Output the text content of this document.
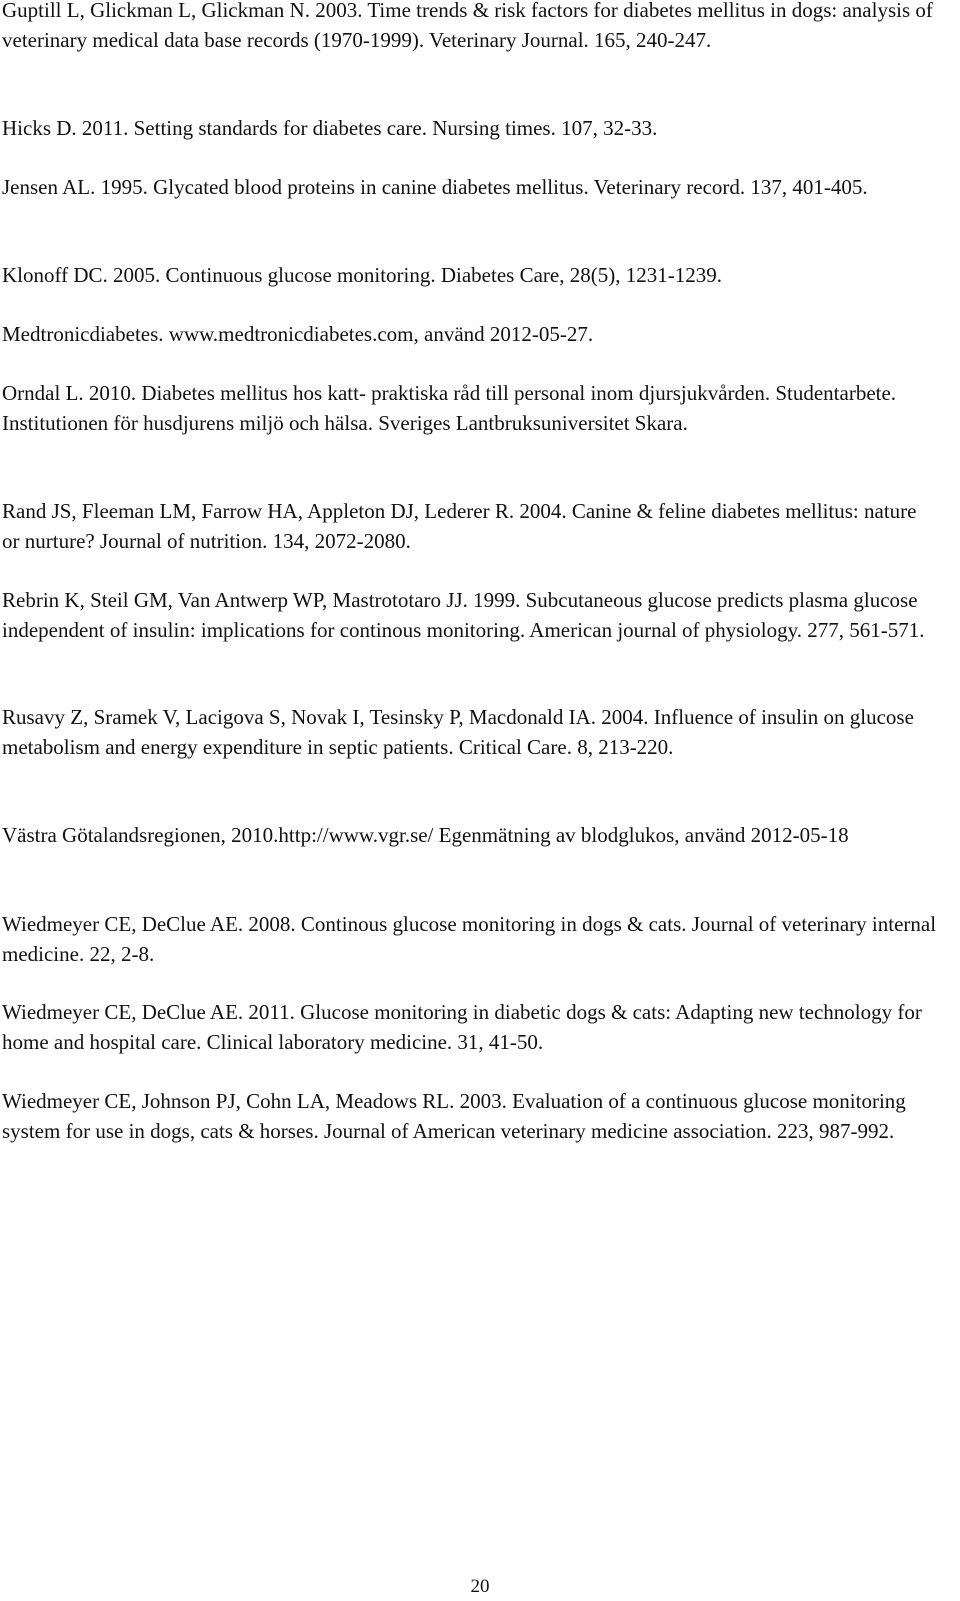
Guptill L, Glickman L, Glickman N. 2003. Time trends & risk factors for diabetes mellitus in dogs: analysis of veterinary medical data base records (1970-1999). Veterinary Journal. 165, 240-247.

Hicks D. 2011. Setting standards for diabetes care. Nursing times. 107, 32-33.

Jensen AL. 1995. Glycated blood proteins in canine diabetes mellitus. Veterinary record. 137, 401-405.

Klonoff DC. 2005. Continuous glucose monitoring. Diabetes Care, 28(5), 1231-1239.

Medtronicdiabetes. www.medtronicdiabetes.com, använd 2012-05-27.

Orndal L. 2010. Diabetes mellitus hos katt- praktiska råd till personal inom djursjukvården. Studentarbete. Institutionen för husdjurens miljö och hälsa. Sveriges Lantbruksuniversitet Skara.

Rand JS, Fleeman LM, Farrow HA, Appleton DJ, Lederer R. 2004. Canine & feline diabetes mellitus: nature or nurture? Journal of nutrition. 134, 2072-2080.

Rebrin K, Steil GM, Van Antwerp WP, Mastrototaro JJ. 1999. Subcutaneous glucose predicts plasma glucose independent of insulin: implications for continous monitoring. American journal of physiology. 277, 561-571.

Rusavy Z, Sramek V, Lacigova S, Novak I, Tesinsky P, Macdonald IA. 2004. Influence of insulin on glucose metabolism and energy expenditure in septic patients. Critical Care. 8, 213-220.

Västra Götalandsregionen, 2010.http://www.vgr.se/ Egenmätning av blodglukos, använd 2012-05-18

Wiedmeyer CE, DeClue AE. 2008. Continous glucose monitoring in dogs & cats. Journal of veterinary internal medicine. 22, 2-8.

Wiedmeyer CE, DeClue AE. 2011. Glucose monitoring in diabetic dogs & cats: Adapting new technology for home and hospital care. Clinical laboratory medicine. 31, 41-50.

Wiedmeyer CE, Johnson PJ, Cohn LA, Meadows RL. 2003. Evaluation of a continuous glucose monitoring system for use in dogs, cats & horses. Journal of American veterinary medicine association. 223, 987-992.

20
